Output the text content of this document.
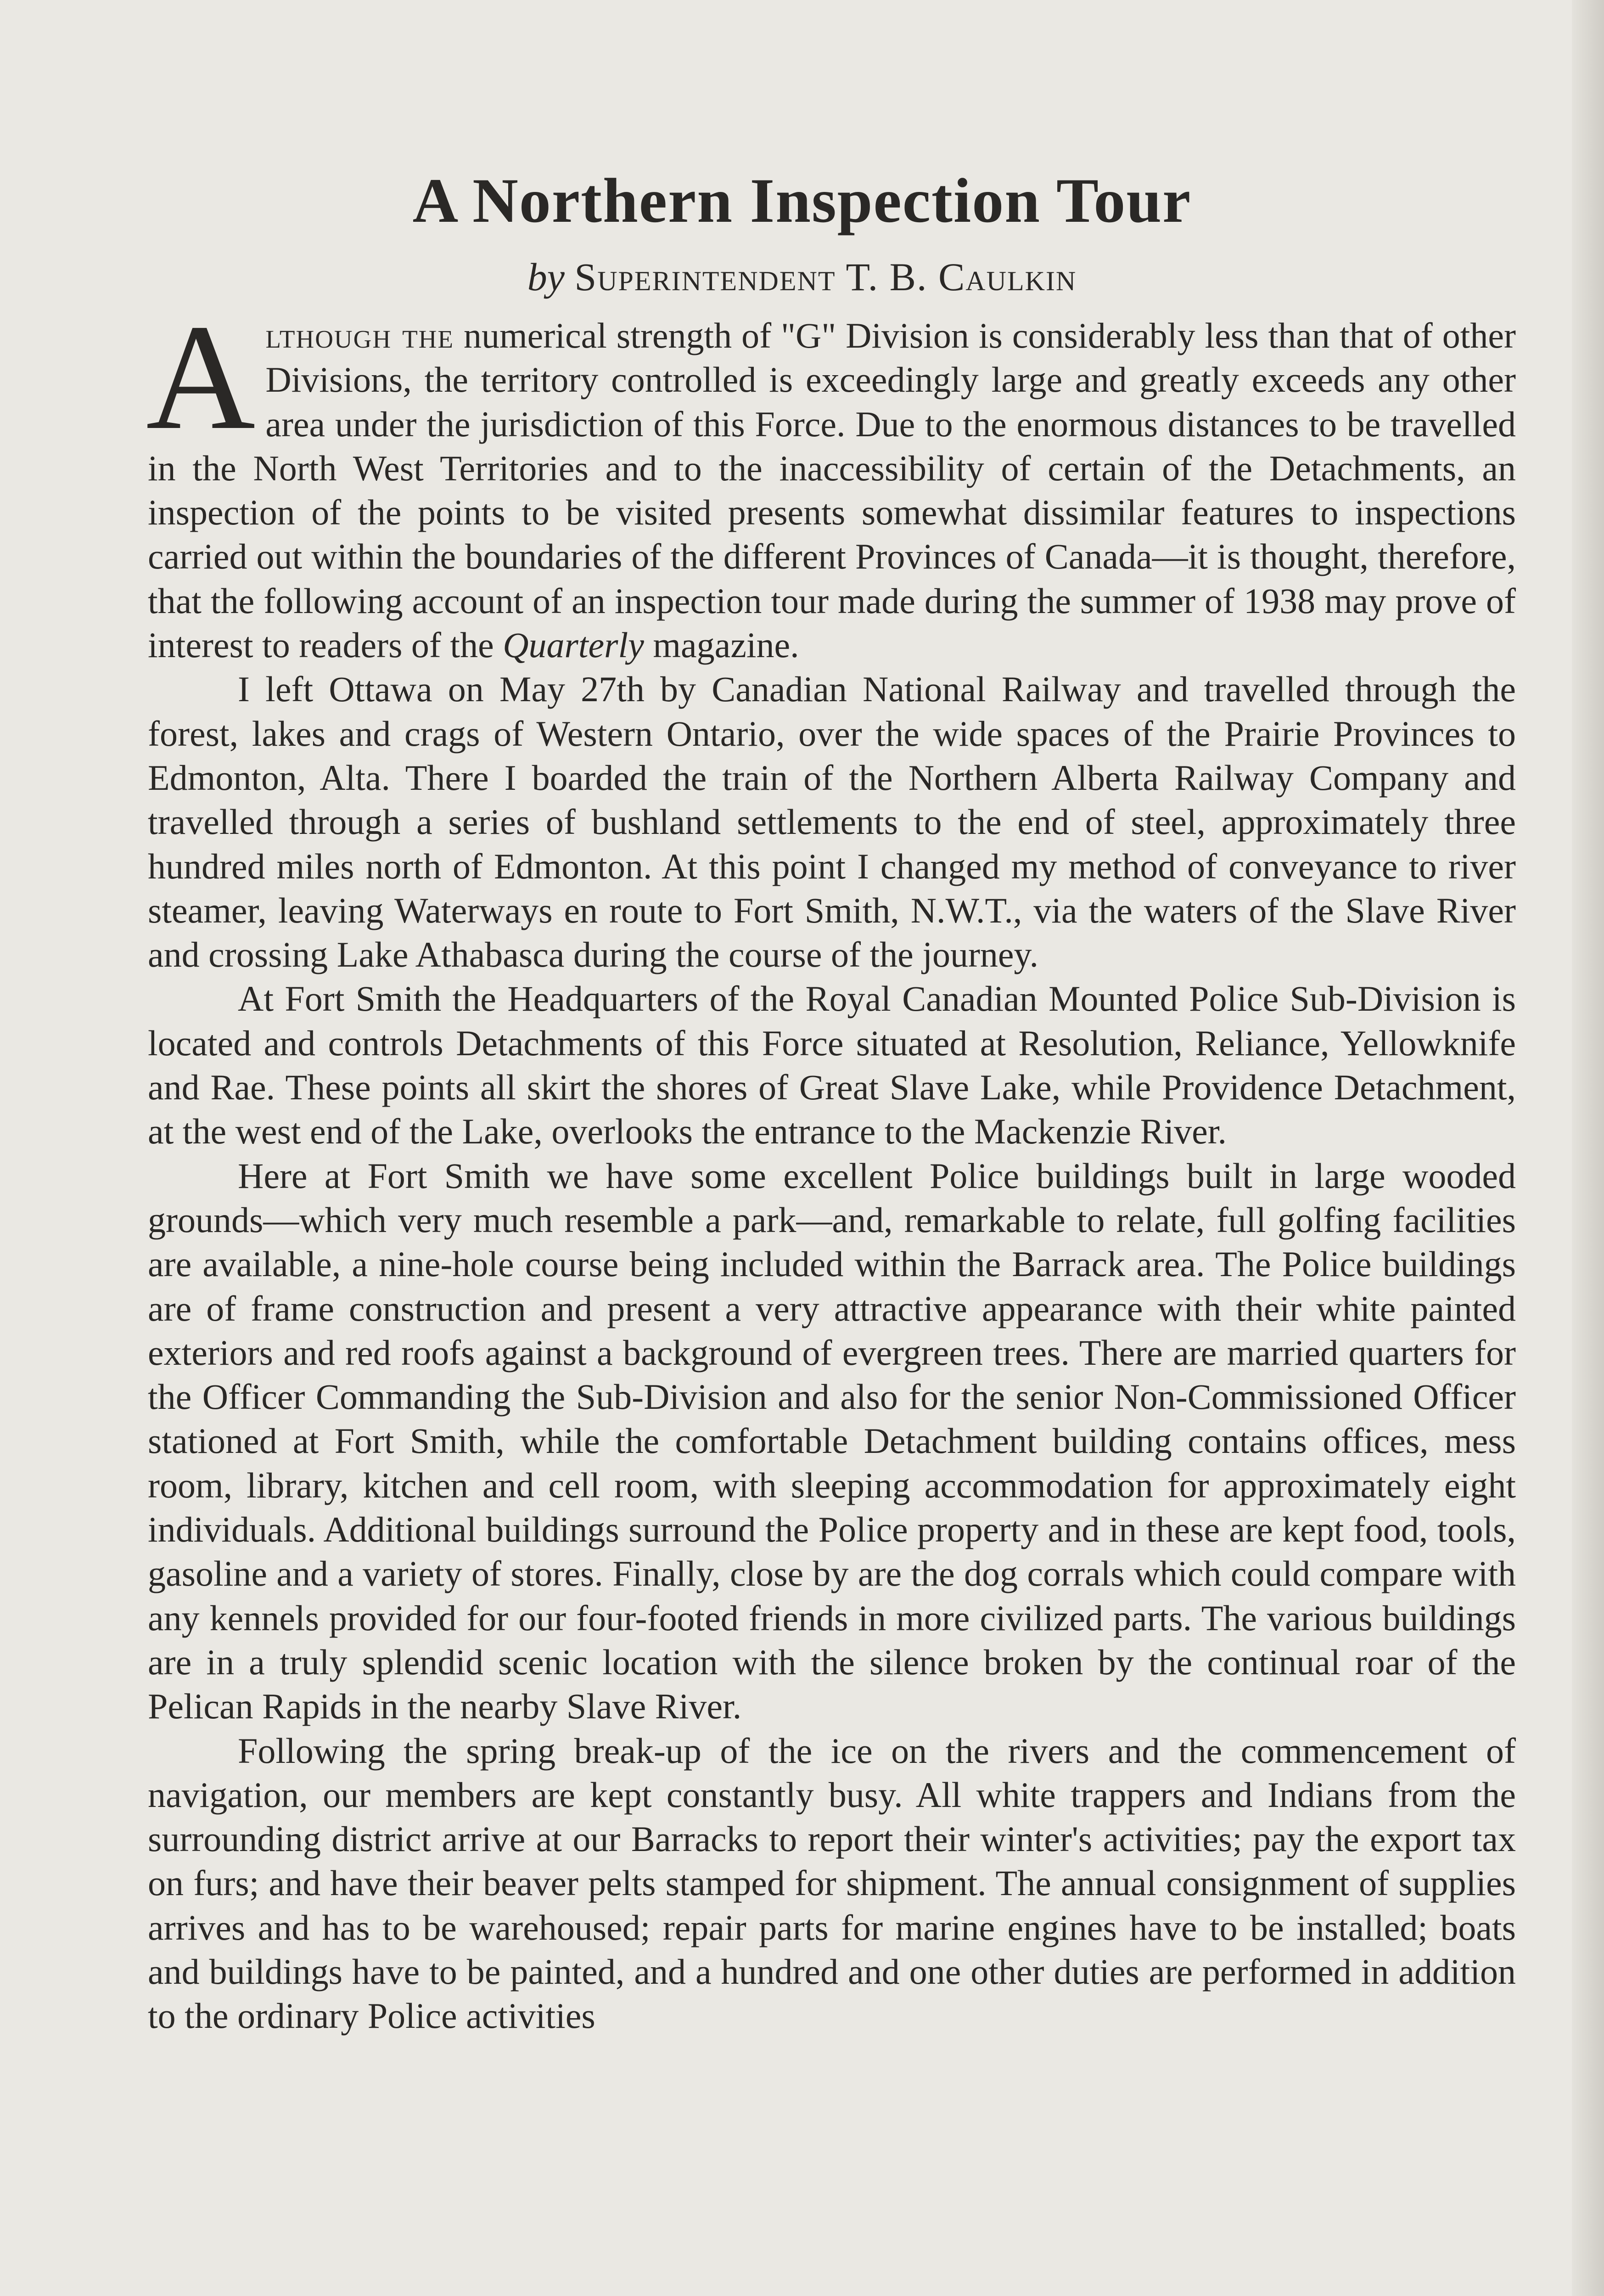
A Northern Inspection Tour
by Superintendent T. B. Caulkin

Although the numerical strength of "G" Division is considerably less than that of other Divisions, the territory controlled is exceedingly large and greatly exceeds any other area under the jurisdiction of this Force. Due to the enormous distances to be travelled in the North West Territories and to the inaccessibility of certain of the Detachments, an inspection of the points to be visited presents somewhat dissimilar features to inspections carried out within the boundaries of the different Provinces of Canada—it is thought, therefore, that the following account of an inspection tour made during the summer of 1938 may prove of interest to readers of the Quarterly magazine.

I left Ottawa on May 27th by Canadian National Railway and travelled through the forest, lakes and crags of Western Ontario, over the wide spaces of the Prairie Provinces to Edmonton, Alta. There I boarded the train of the Northern Alberta Railway Company and travelled through a series of bushland settlements to the end of steel, approximately three hundred miles north of Edmonton. At this point I changed my method of conveyance to river steamer, leaving Waterways en route to Fort Smith, N.W.T., via the waters of the Slave River and crossing Lake Athabasca during the course of the journey.

At Fort Smith the Headquarters of the Royal Canadian Mounted Police Sub-Division is located and controls Detachments of this Force situated at Resolution, Reliance, Yellowknife and Rae. These points all skirt the shores of Great Slave Lake, while Providence Detachment, at the west end of the Lake, overlooks the entrance to the Mackenzie River.

Here at Fort Smith we have some excellent Police buildings built in large wooded grounds—which very much resemble a park—and, remarkable to relate, full golfing facilities are available, a nine-hole course being included within the Barrack area. The Police buildings are of frame construction and present a very attractive appearance with their white painted exteriors and red roofs against a background of evergreen trees. There are married quarters for the Officer Commanding the Sub-Division and also for the senior Non-Commissioned Officer stationed at Fort Smith, while the comfortable Detachment building contains offices, mess room, library, kitchen and cell room, with sleeping accommodation for approximately eight individuals. Additional buildings surround the Police property and in these are kept food, tools, gasoline and a variety of stores. Finally, close by are the dog corrals which could compare with any kennels provided for our four-footed friends in more civilized parts. The various buildings are in a truly splendid scenic location with the silence broken by the continual roar of the Pelican Rapids in the nearby Slave River.

Following the spring break-up of the ice on the rivers and the commencement of navigation, our members are kept constantly busy. All white trappers and Indians from the surrounding district arrive at our Barracks to report their winter's activities; pay the export tax on furs; and have their beaver pelts stamped for shipment. The annual consignment of supplies arrives and has to be warehoused; repair parts for marine engines have to be installed; boats and buildings have to be painted, and a hundred and one other duties are performed in addition to the ordinary Police activities
